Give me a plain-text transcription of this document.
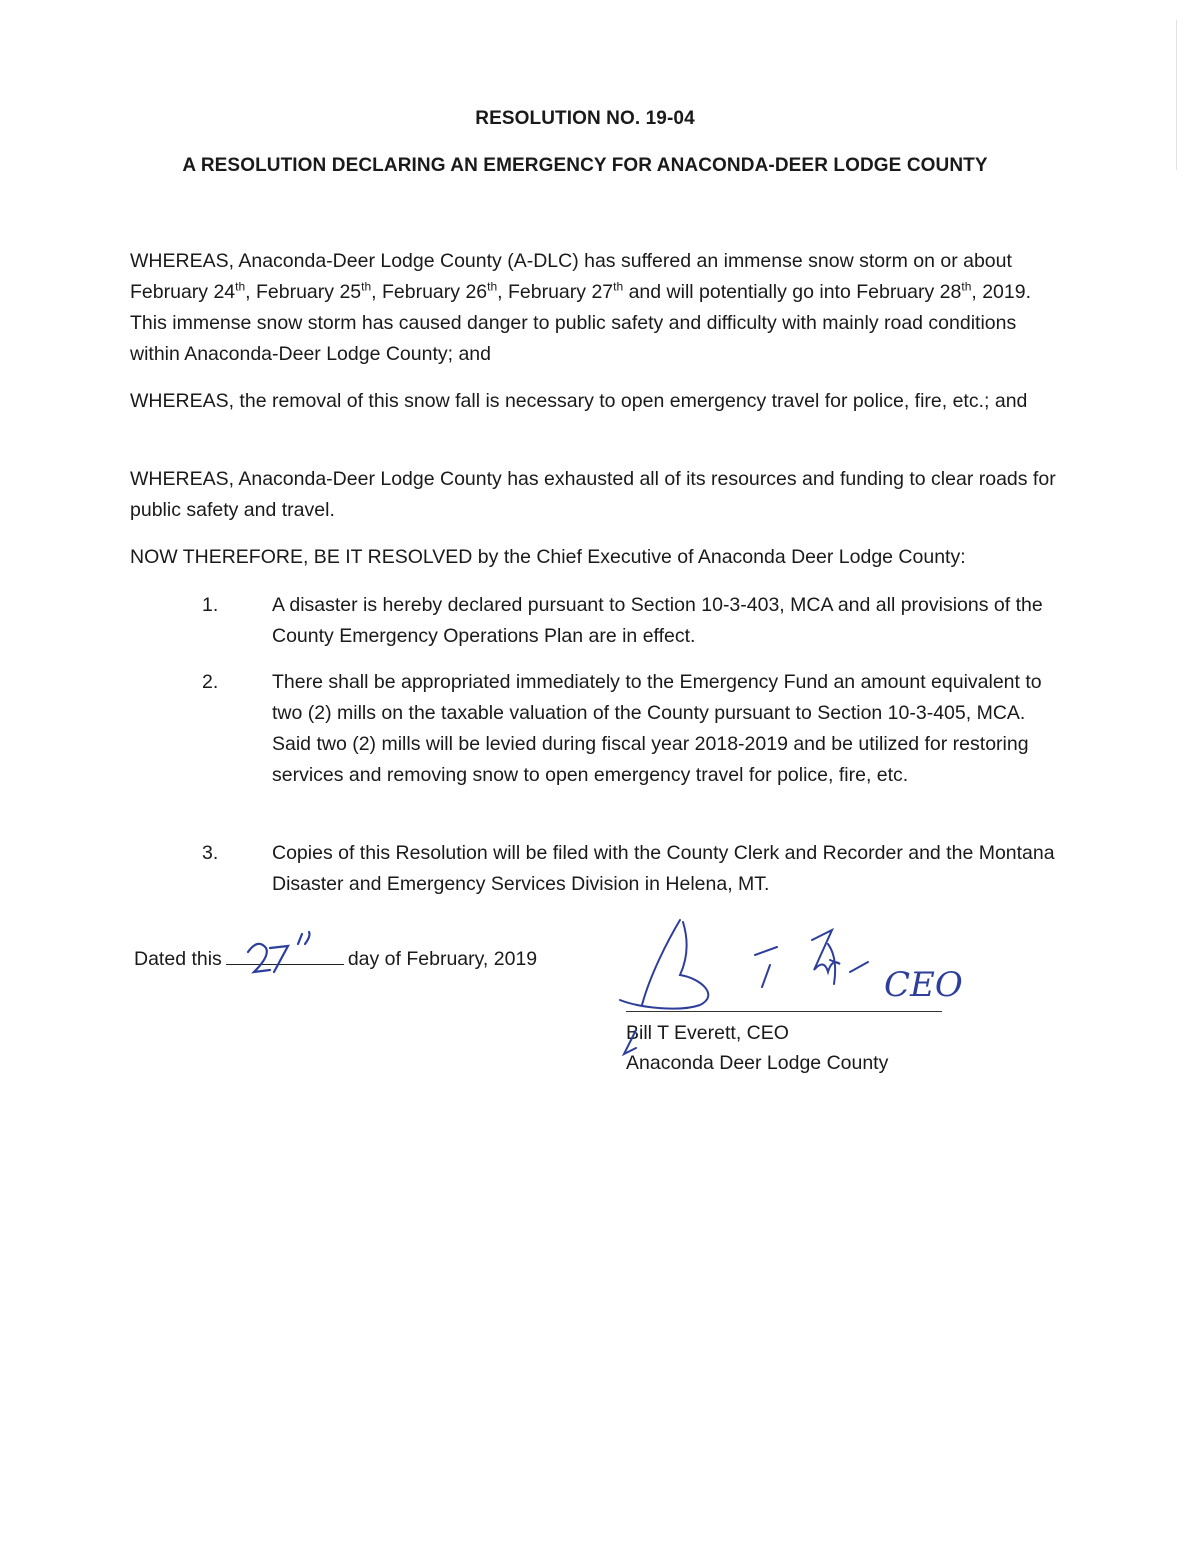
RESOLUTION NO. 19-04
A RESOLUTION DECLARING AN EMERGENCY FOR ANACONDA-DEER LODGE COUNTY

WHEREAS, Anaconda-Deer Lodge County (A-DLC) has suffered an immense snow storm on or about February 24th, February 25th, February 26th, February 27th and will potentially go into February 28th, 2019. This immense snow storm has caused danger to public safety and difficulty with mainly road conditions within Anaconda-Deer Lodge County; and

WHEREAS, the removal of this snow fall is necessary to open emergency travel for police, fire, etc.; and

WHEREAS, Anaconda-Deer Lodge County has exhausted all of its resources and funding to clear roads for public safety and travel.

NOW THEREFORE, BE IT RESOLVED by the Chief Executive of Anaconda Deer Lodge County:

1.	A disaster is hereby declared pursuant to Section 10-3-403, MCA and all provisions of the County Emergency Operations Plan are in effect.
2.	There shall be appropriated immediately to the Emergency Fund an amount equivalent to two (2) mills on the taxable valuation of the County pursuant to Section 10-3-405, MCA. Said two (2) mills will be levied during fiscal year 2018-2019 and be utilized for restoring services and removing snow to open emergency travel for police, fire, etc.
3.	Copies of this Resolution will be filed with the County Clerk and Recorder and the Montana Disaster and Emergency Services Division in Helena, MT.
Dated this	day of February, 2019
Bill T Everett, CEO
Anaconda Deer Lodge County
CEO
